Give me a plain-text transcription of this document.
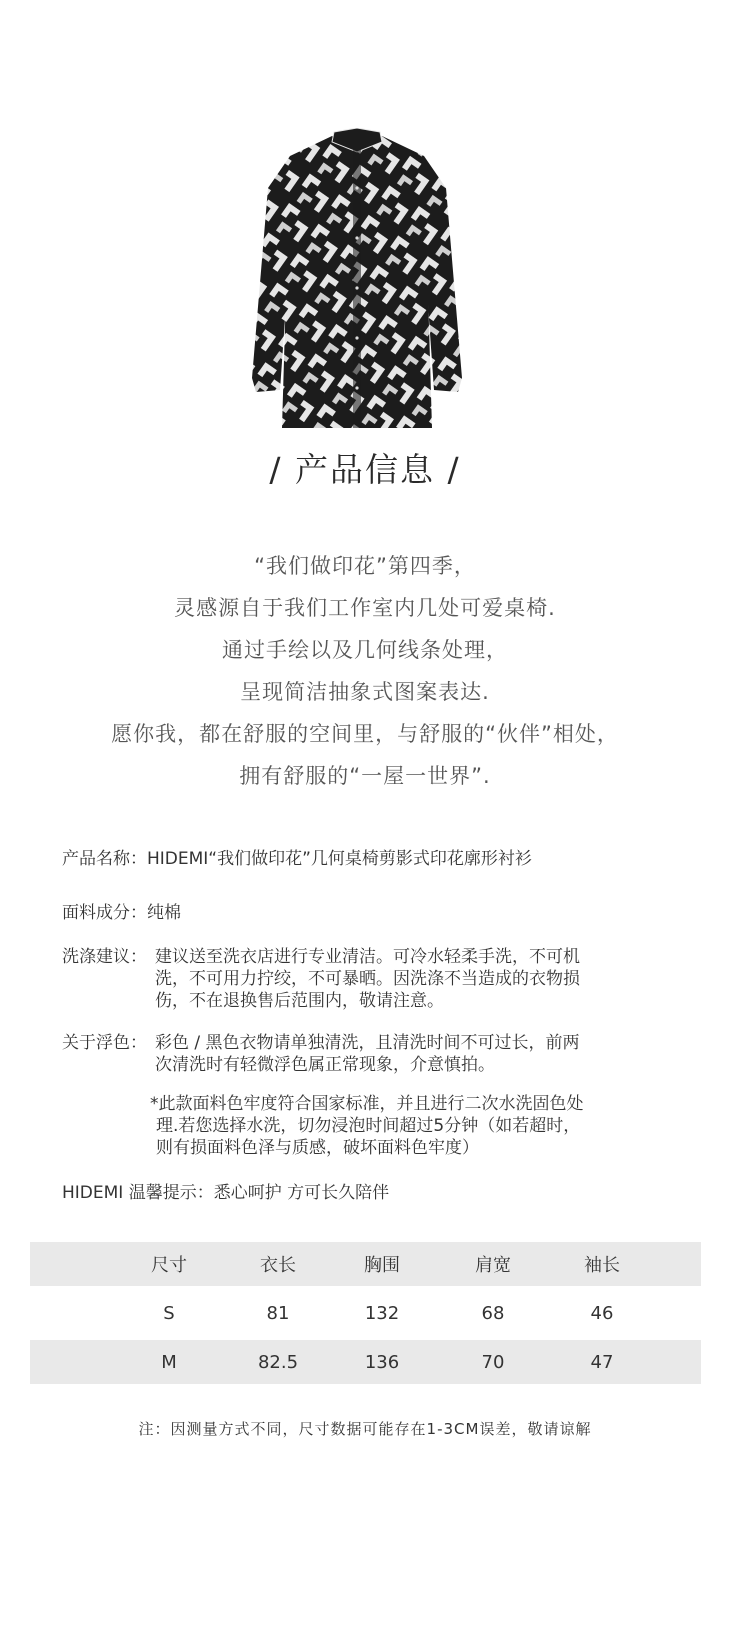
/ 产品信息 /
“我们做印花”第四季，
灵感源自于我们工作室内几处可爱桌椅.
通过手绘以及几何线条处理，
呈现简洁抽象式图案表达.
愿你我，都在舒服的空间里，与舒服的“伙伴”相处，
拥有舒服的“一屋一世界”.
产品名称：HIDEMI“我们做印花”几何桌椅剪影式印花廓形衬衫
面料成分：纯棉
洗涤建议： 建议送至洗衣店进行专业清洁。可冷水轻柔手洗，不可机
洗，不可用力拧绞，不可暴晒。因洗涤不当造成的衣物损
伤，不在退换售后范围内，敬请注意。
关于浮色： 彩色 / 黑色衣物请单独清洗，且清洗时间不可过长，前两
次清洗时有轻微浮色属正常现象，介意慎拍。
*此款面料色牢度符合国家标准，并且进行二次水洗固色处
理.若您选择水洗，切勿浸泡时间超过5分钟（如若超时，
则有损面料色泽与质感，破坏面料色牢度）
HIDEMI 温馨提示：悉心呵护 方可长久陪伴
尺寸	衣长	胸围	肩宽	袖长
S	81	132	68	46
M	82.5	136	70	47
注：因测量方式不同，尺寸数据可能存在1-3CM误差，敬请谅解
